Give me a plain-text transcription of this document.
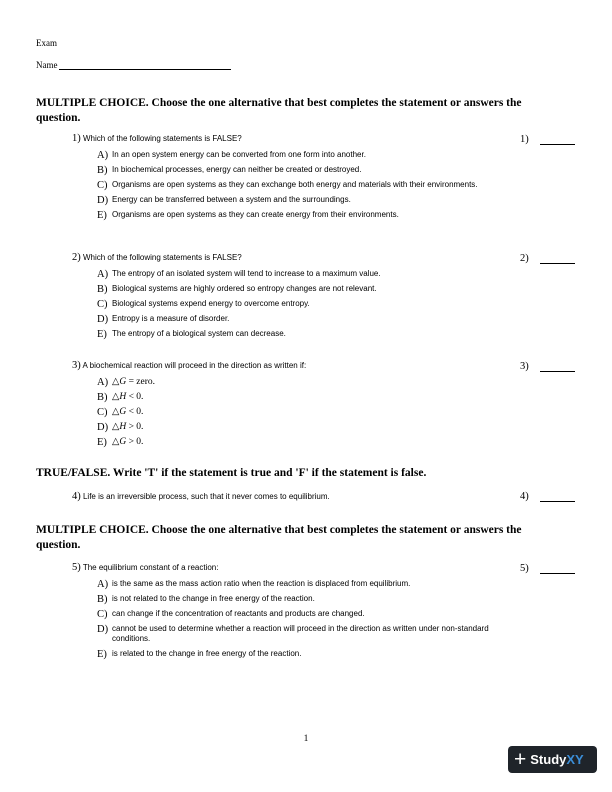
Exam
Name
MULTIPLE CHOICE. Choose the one alternative that best completes the statement or answers the question.
1) Which of the following statements is FALSE?
A) In an open system energy can be converted from one form into another.
B) In biochemical processes, energy can neither be created or destroyed.
C) Organisms are open systems as they can exchange both energy and materials with their environments.
D) Energy can be transferred between a system and the surroundings.
E) Organisms are open systems as they can create energy from their environments.
2) Which of the following statements is FALSE?
A) The entropy of an isolated system will tend to increase to a maximum value.
B) Biological systems are highly ordered so entropy changes are not relevant.
C) Biological systems expend energy to overcome entropy.
D) Entropy is a measure of disorder.
E) The entropy of a biological system can decrease.
3) A biochemical reaction will proceed in the direction as written if:
A) △G = zero.
B) △H < 0.
C) △G < 0.
D) △H > 0.
E) △G > 0.
TRUE/FALSE. Write 'T' if the statement is true and 'F' if the statement is false.
4) Life is an irreversible process, such that it never comes to equilibrium.
MULTIPLE CHOICE. Choose the one alternative that best completes the statement or answers the question.
5) The equilibrium constant of a reaction:
A) is the same as the mass action ratio when the reaction is displaced from equilibrium.
B) is not related to the change in free energy of the reaction.
C) can change if the concentration of reactants and products are changed.
D) cannot be used to determine whether a reaction will proceed in the direction as written under non-standard conditions.
E) is related to the change in free energy of the reaction.
1)
2)
3)
4)
5)
1
+ Study XY
